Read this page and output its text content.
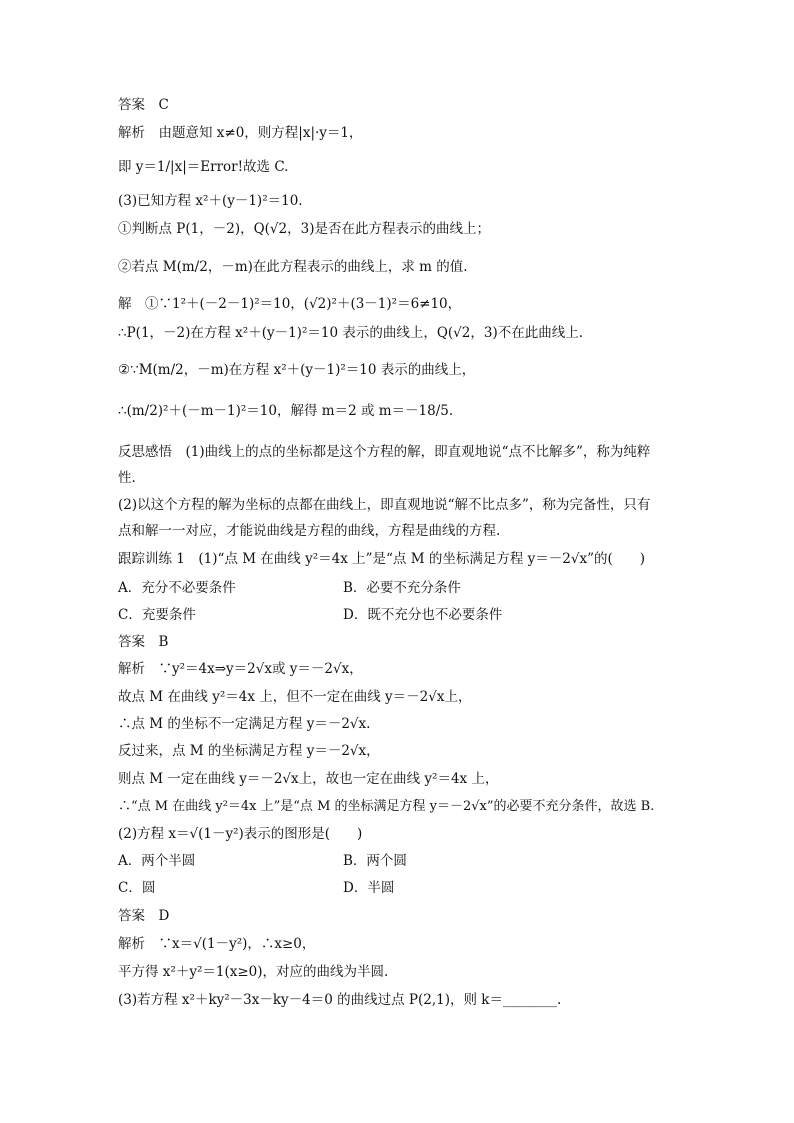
答案　C
解析　由题意知 x≠0，则方程|x|·y＝1，
即 y＝1/|x|＝Error!故选 C.
(3)已知方程 x²＋(y－1)²＝10.
①判断点 P(1，－2)，Q(√2，3)是否在此方程表示的曲线上；
②若点 M(m/2，－m)在此方程表示的曲线上，求 m 的值.
解　①∵1²＋(－2－1)²＝10，(√2)²＋(3－1)²＝6≠10，
∴P(1，－2)在方程 x²＋(y－1)²＝10 表示的曲线上，Q(√2，3)不在此曲线上.
②∵M(m/2，－m)在方程 x²＋(y－1)²＝10 表示的曲线上，
∴(m/2)²＋(－m－1)²＝10，解得 m＝2 或 m＝－18/5.
反思感悟　(1)曲线上的点的坐标都是这个方程的解，即直观地说“点不比解多”，称为纯粹
性.
(2)以这个方程的解为坐标的点都在曲线上，即直观地说“解不比点多”，称为完备性，只有
点和解一一对应，才能说曲线是方程的曲线，方程是曲线的方程.
跟踪训练 1　(1)“点 M 在曲线 y²＝4x 上”是“点 M 的坐标满足方程 y＝－2√x”的(　　)
A．充分不必要条件	B．必要不充分条件
C．充要条件	D．既不充分也不必要条件
答案　B
解析　∵y²＝4x⇒y＝2√x或 y＝－2√x，
故点 M 在曲线 y²＝4x 上，但不一定在曲线 y＝－2√x上，
∴点 M 的坐标不一定满足方程 y＝－2√x.
反过来，点 M 的坐标满足方程 y＝－2√x，
则点 M 一定在曲线 y＝－2√x上，故也一定在曲线 y²＝4x 上，
∴“点 M 在曲线 y²＝4x 上”是“点 M 的坐标满足方程 y＝－2√x”的必要不充分条件，故选 B.
(2)方程 x＝√(1－y²)表示的图形是(　　)
A．两个半圆	B．两个圆
C．圆	D．半圆
答案　D
解析　∵x＝√(1－y²)，∴x≥0，
平方得 x²＋y²＝1(x≥0)，对应的曲线为半圆.
(3)若方程 x²＋ky²－3x－ky－4＝0 的曲线过点 P(2,1)，则 k＝________.
